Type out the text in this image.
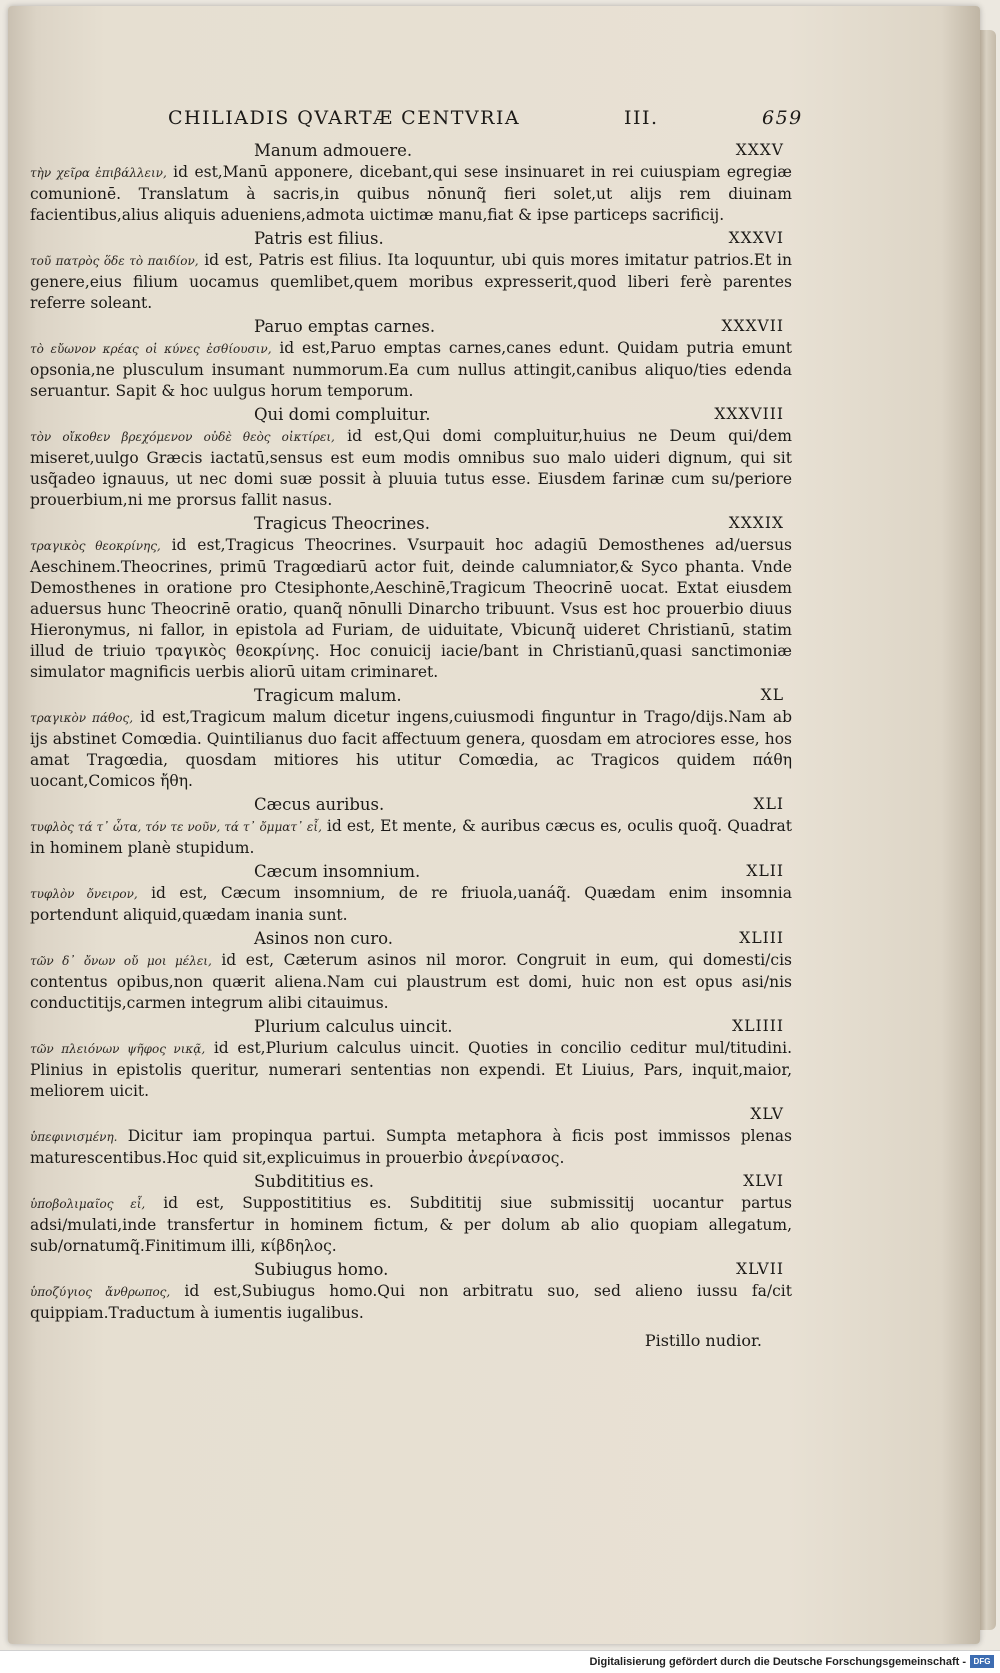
CHILIADIS QVARTÆ CENTVRIA	III.	659
Manum admouere.	XXXV
τὴν χεῖρα ἐπιβάλλειν, id est,Manū apponere, dicebant,qui sese insinuaret in rei cuiuspiam egregiæ comunionē. Translatum à sacris,in quibus nōnunq̃ fieri solet,ut alijs rem diuinam facientibus,alius aliquis adueniens,admota uictimæ manu,fiat & ipse particeps sacrificij.
Patris est filius.	XXXVI
τοῦ πατρὸς ὅδε τὸ παιδίον, id est, Patris est filius. Ita loquuntur, ubi quis mores imitatur patrios.Et in genere,eius filium uocamus quemlibet,quem moribus expresserit,quod liberi ferè parentes referre soleant.
Paruo emptas carnes.	XXXVII
τὸ εὔωνον κρέας οἱ κύνες ἐσθίουσιν, id est,Paruo emptas carnes,canes edunt. Quidam putria emunt opsonia,ne plusculum insumant nummorum.Ea cum nullus attingit,canibus aliquo/ties edenda seruantur. Sapit & hoc uulgus horum temporum.
Qui domi compluitur.	XXXVIII
τὸν οἴκοθεν βρεχόμενον οὐδὲ θεὸς οἰκτίρει, id est,Qui domi compluitur,huius ne Deum qui/dem miseret,uulgo Græcis iactatū,sensus est eum modis omnibus suo malo uideri dignum, qui sit usq̃adeo ignauus, ut nec domi suæ possit à pluuia tutus esse. Eiusdem farinæ cum su/periore prouerbium,ni me prorsus fallit nasus.
Tragicus Theocrines.	XXXIX
τραγικὸς θεοκρίνης, id est,Tragicus Theocrines. Vsurpauit hoc adagiū Demosthenes ad/uersus Aeschinem.Theocrines, primū Tragœdiarū actor fuit, deinde calumniator,& Syco phanta. Vnde Demosthenes in oratione pro Ctesiphonte,Aeschinē,Tragicum Theocrinē uocat. Extat eiusdem aduersus hunc Theocrinē oratio, quanq̃ nōnulli Dinarcho tribuunt. Vsus est hoc prouerbio diuus Hieronymus, ni fallor, in epistola ad Furiam, de uiduitate, Vbicunq̃ uideret Christianū, statim illud de triuio τραγικὸς θεοκρίνης. Hoc conuicij iacie/bant in Christianū,quasi sanctimoniæ simulator magnificis uerbis aliorū uitam criminaret.
Tragicum malum.	XL
τραγικὸν πάθος, id est,Tragicum malum dicetur ingens,cuiusmodi finguntur in Trago/dijs.Nam ab ijs abstinet Comœdia. Quintilianus duo facit affectuum genera, quosdam em atrociores esse, hos amat Tragœdia, quosdam mitiores his utitur Comœdia, ac Tragicos quidem πάθη uocant,Comicos ἤθη.
Cæcus auribus.	XLI
τυφλὸς τά τ᾽ ὦτα, τόν τε νοῦν, τά τ᾽ ὄμματ᾽ εἶ, id est, Et mente, & auribus cæcus es, oculis quoq̃. Quadrat in hominem planè stupidum.
Cæcum insomnium.	XLII
τυφλὸν ὄνειρον, id est, Cæcum insomnium, de re friuola,uanáq̃. Quædam enim insomnia portendunt aliquid,quædam inania sunt.
Asinos non curo.	XLIII
τῶν δ᾽ ὄνων οὔ μοι μέλει, id est, Cæterum asinos nil moror. Congruit in eum, qui domesti/cis contentus opibus,non quærit aliena.Nam cui plaustrum est domi, huic non est opus asi/nis conductitijs,carmen integrum alibi citauimus.
Plurium calculus uincit.	XLIIII
τῶν πλειόνων ψῆφος νικᾷ, id est,Plurium calculus uincit. Quoties in concilio ceditur mul/titudini. Plinius in epistolis queritur, numerari sententias non expendi. Et Liuius, Pars, inquit,maior, meliorem uicit.
XLV
ὑπεφινισμένη. Dicitur iam propinqua partui. Sumpta metaphora à ficis post immissos plenas maturescentibus.Hoc quid sit,explicuimus in prouerbio ἀνερίνασος.
Subdititius es.	XLVI
ὑποβολιμαῖος εἶ, id est, Suppostititius es. Subdititij siue submissitij uocantur partus adsi/mulati,inde transfertur in hominem fictum, & per dolum ab alio quopiam allegatum, sub/ornatumq̃.Finitimum illi, κίβδηλος.
Subiugus homo.	XLVII
ὑποζύγιος ἄνθρωπος, id est,Subiugus homo.Qui non arbitratu suo, sed alieno iussu fa/cit quippiam.Traductum à iumentis iugalibus.
Pistillo nudior.
Digitalisierung gefördert durch die Deutsche Forschungsgemeinschaft - DFG
